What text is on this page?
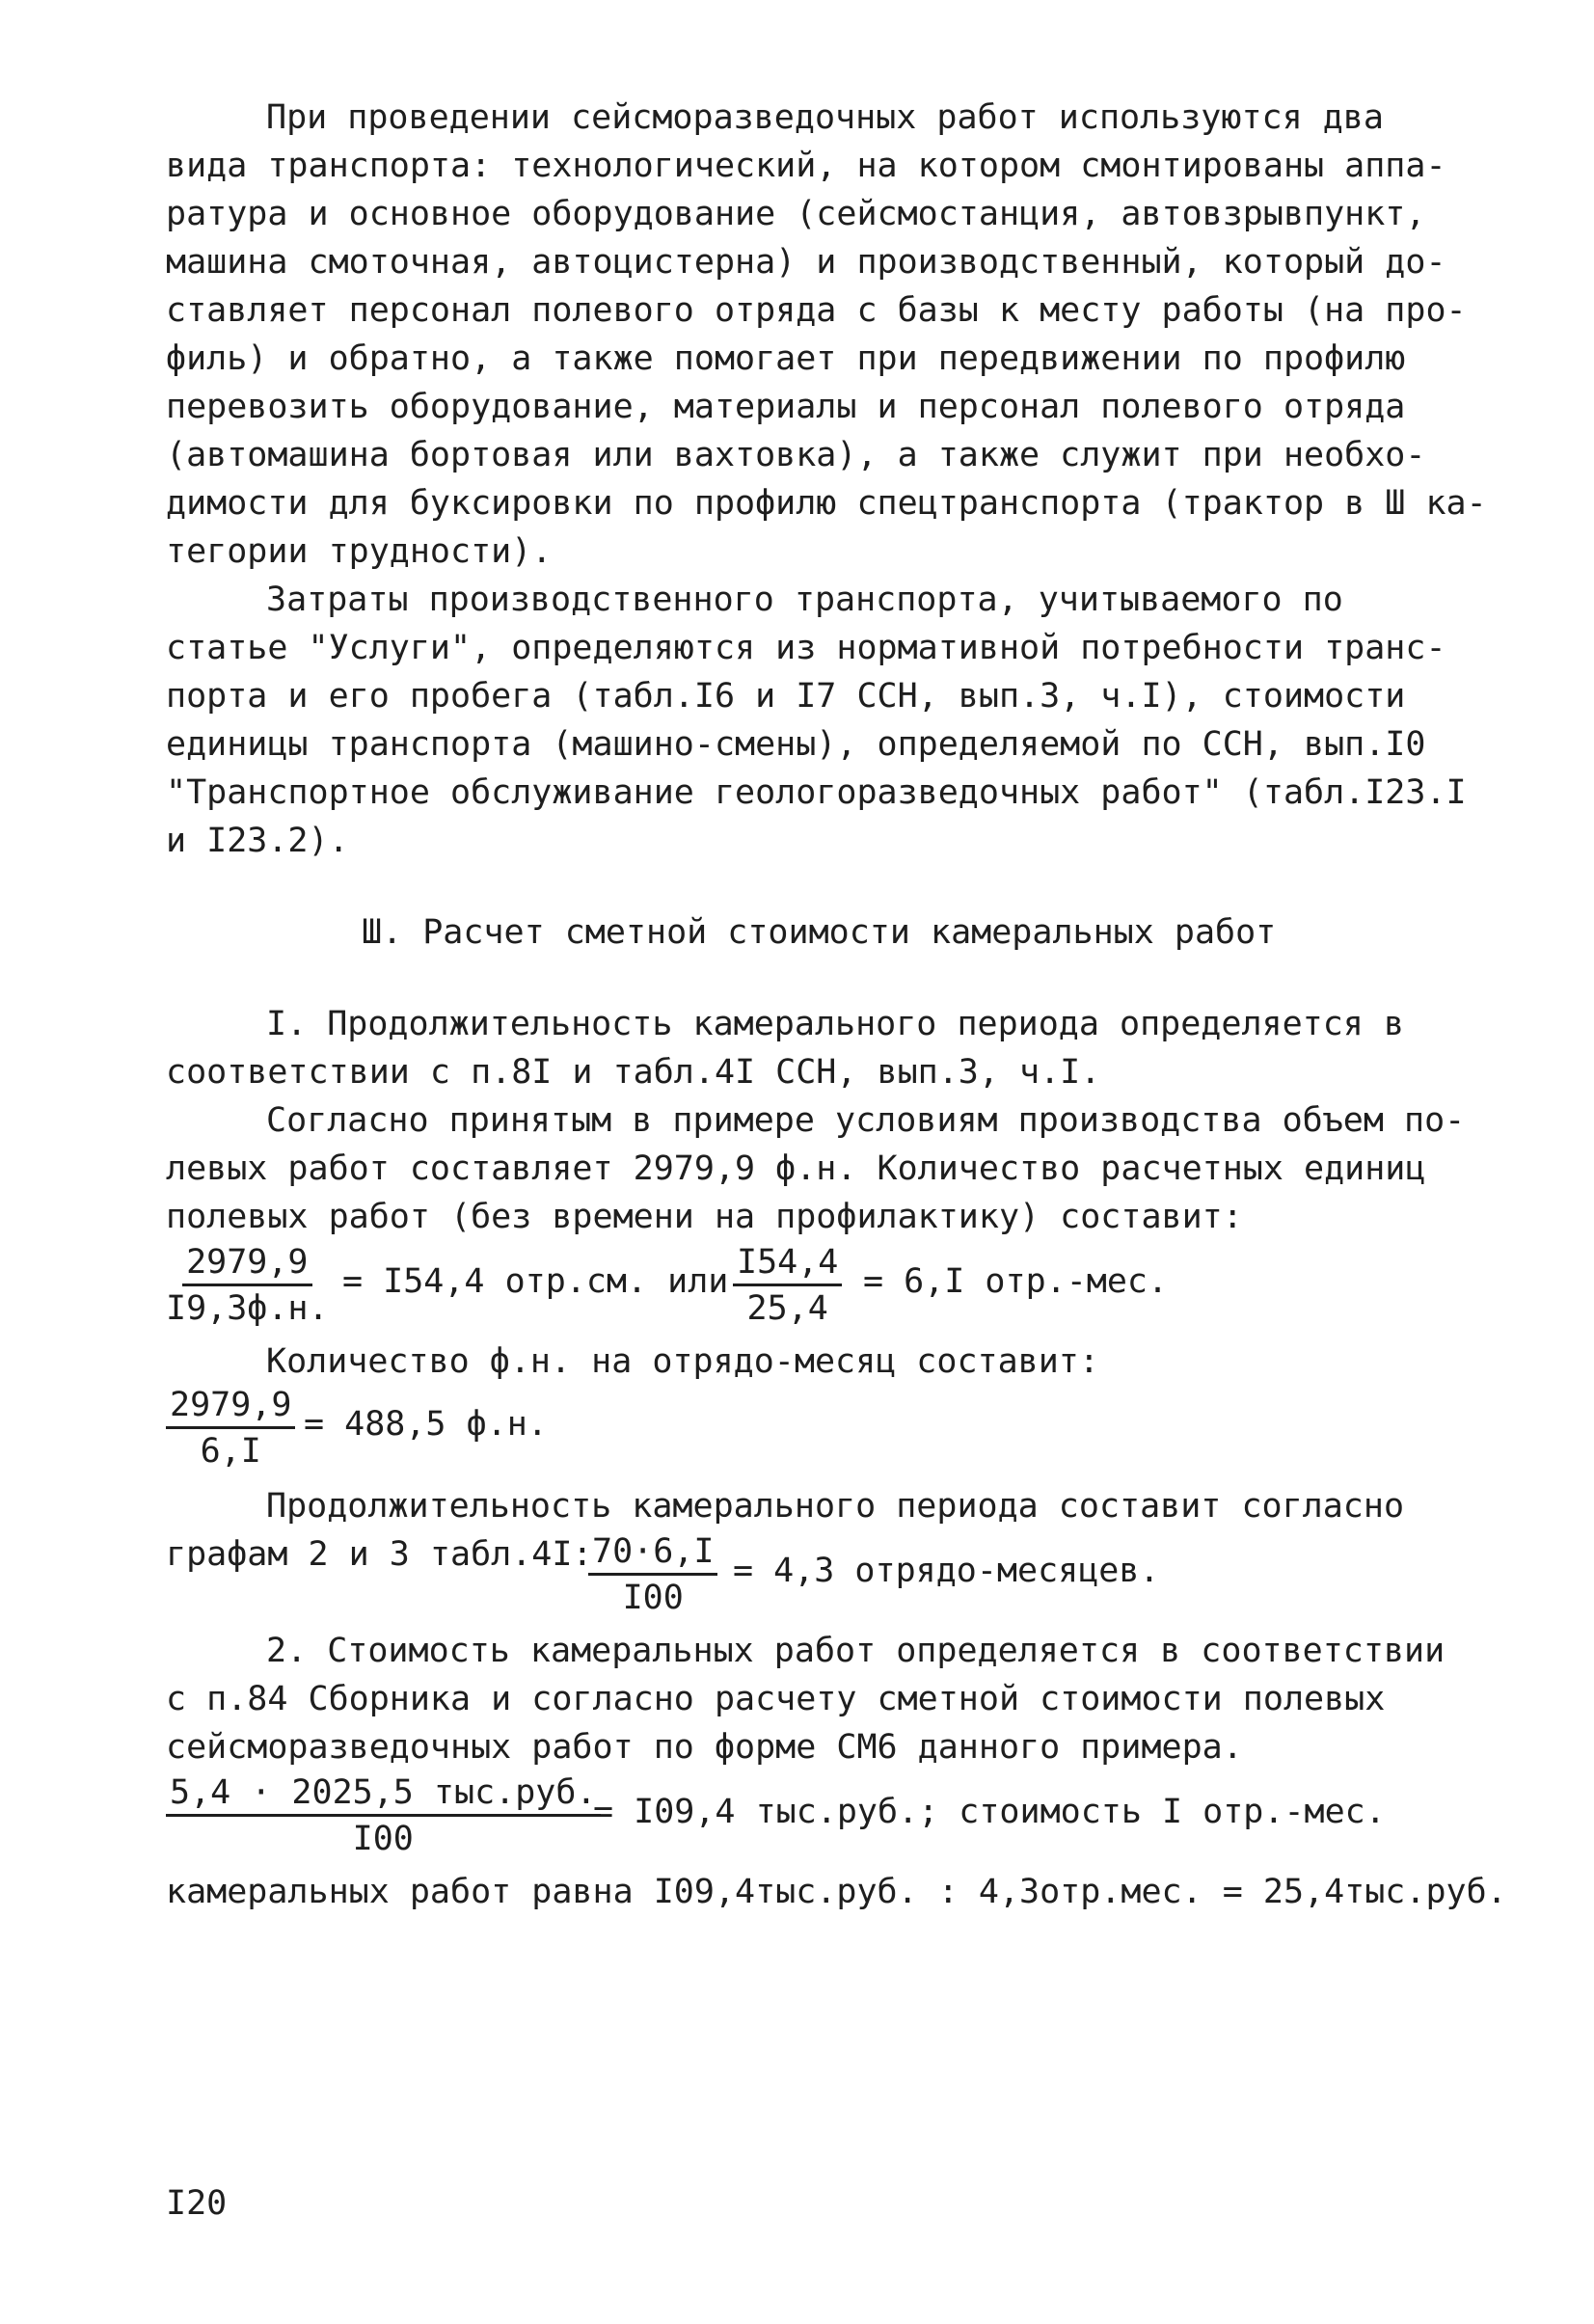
При проведении сейсморазведочных работ используются два
вида транспорта: технологический, на котором смонтированы аппа-
ратура и основное оборудование (сейсмостанция, автовзрывпункт,
машина смоточная, автоцистерна) и производственный, который до-
ставляет персонал полевого отряда с базы к месту работы (на про-
филь) и обратно, а также помогает при передвижении по профилю
перевозить оборудование, материалы и персонал полевого отряда
(автомашина бортовая или вахтовка), а также служит при необхо-
димости для буксировки по профилю спецтранспорта (трактор в Ш ка-
тегории трудности).
Затраты производственного транспорта, учитываемого по
статье "Услуги", определяются из нормативной потребности транс-
порта и его пробега (табл.I6 и I7 ССН, вып.3, ч.I), стоимости
единицы транспорта (машино-смены), определяемой по ССН, вып.I0
"Транспортное обслуживание геологоразведочных работ" (табл.I23.I
и I23.2).
Ш. Расчет сметной стоимости камеральных работ
I. Продолжительность камерального периода определяется в
соответствии с п.8I и табл.4I ССН, вып.3, ч.I.
Согласно принятым в примере условиям производства объем по-
левых работ составляет 2979,9 ф.н. Количество расчетных единиц
полевых работ (без времени на профилактику) составит:
2979,9
I9,3ф.н.
= I54,4 отр.см. или $\frac{I54,4}{25,4} = 6,I$ отр.-мес.
Количество ф.н. на отрядо-месяц составит:
$\frac{2979,9}{6,I} = 488,5$ ф.н.
Продолжительность камерального периода составит согласно
графам 2 и 3 табл.4I:
$\frac{70\cdot 6,I}{I00} = 4,3$ отрядо-месяцев.
2. Стоимость камеральных работ определяется в соответствии
с п.84 Сборника и согласно расчету сметной стоимости полевых
сейсморазведочных работ по форме СМ6 данного примера.
5,4 · 2025,5 тыс.руб.
I00
= I09,4 тыс.руб.; стоимость I отр.-мес.
камеральных работ равна I09,4тыс.руб. : 4,3отр.мес. = 25,4тыс.руб.
I20
